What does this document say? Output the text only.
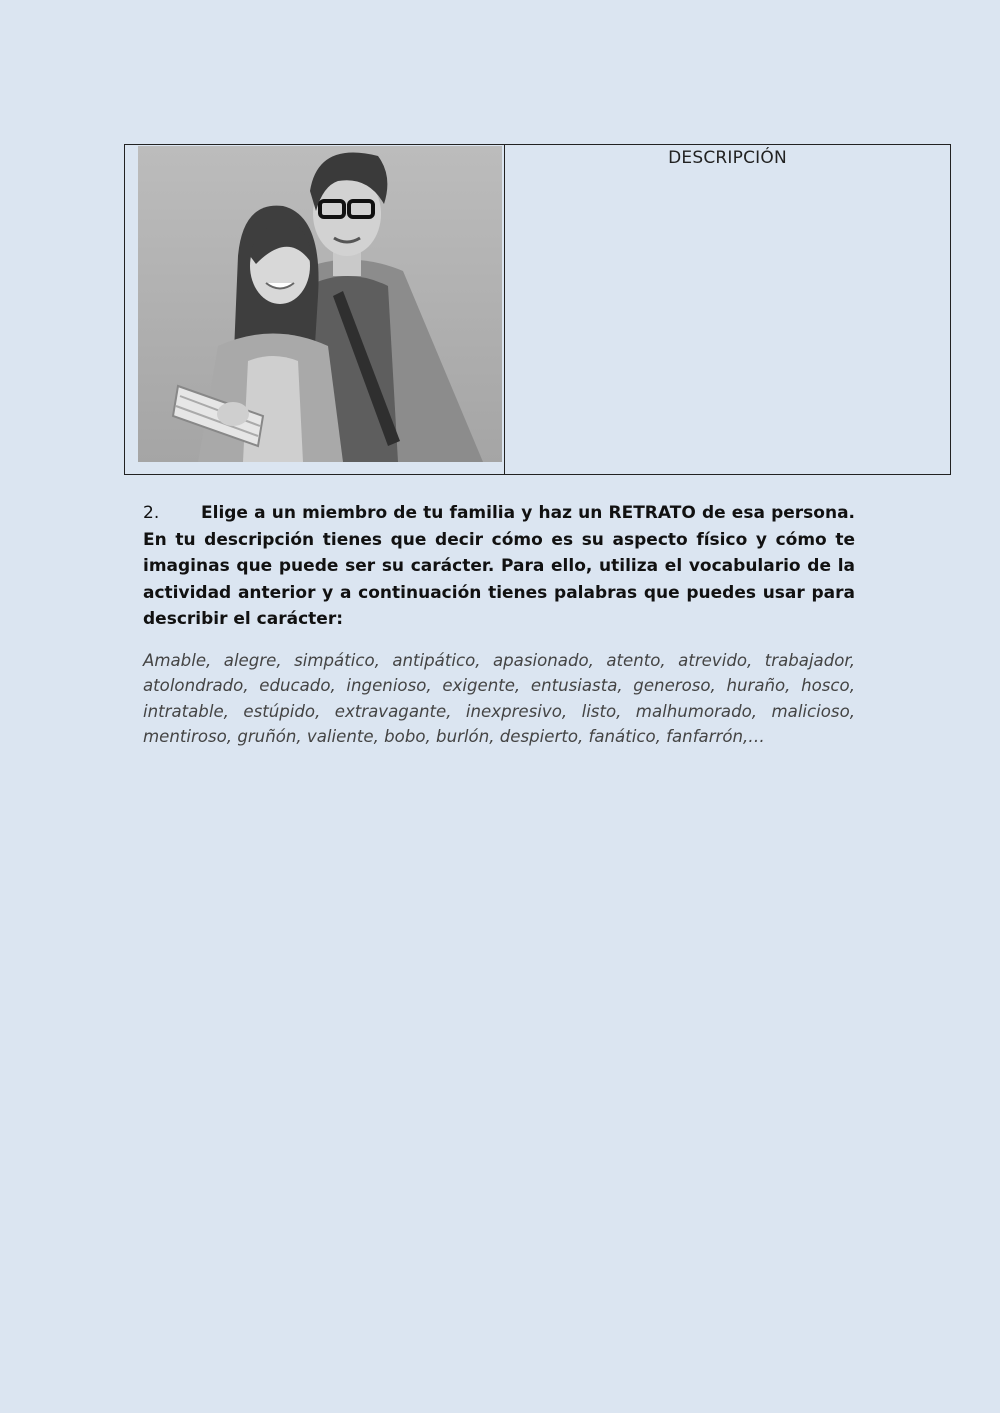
DESCRIPCIÓN
2. Elige a un miembro de tu familia y haz un RETRATO de esa persona. En tu descripción tienes que decir cómo es su aspecto físico y cómo te imaginas que puede ser su carácter. Para ello, utiliza el vocabulario de la actividad anterior y a continuación tienes palabras que puedes usar para describir el carácter:
Amable, alegre, simpático, antipático, apasionado, atento, atrevido, trabajador, atolondrado, educado, ingenioso, exigente, entusiasta, generoso, huraño, hosco, intratable, estúpido, extravagante, inexpresivo, listo, malhumorado, malicioso, mentiroso, gruñón, valiente, bobo, burlón, despierto, fanático, fanfarrón,…
